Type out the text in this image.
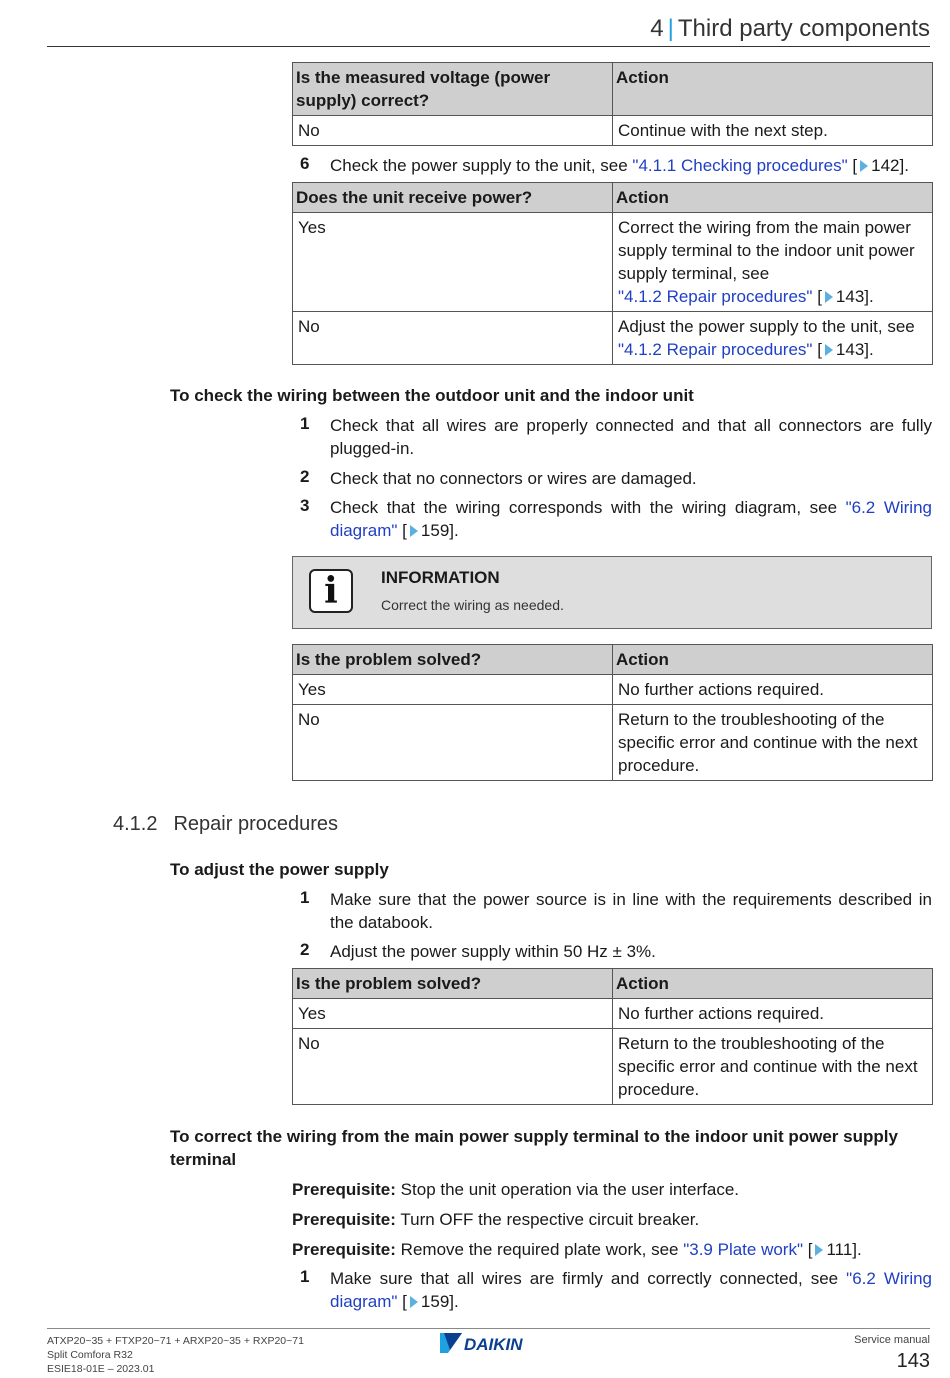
4 | Third party components
Is the measured voltage (power supply) correct?	Action
No	Continue with the next step.
6 Check the power supply to the unit, see "4.1.1 Checking procedures" [ 142].
Does the unit receive power?	Action
Yes	Correct the wiring from the main power supply terminal to the indoor unit power supply terminal, see
"4.1.2 Repair procedures" [ 143].
No	Adjust the power supply to the unit, see "4.1.2 Repair procedures" [ 143].
To check the wiring between the outdoor unit and the indoor unit
1 Check that all wires are properly connected and that all connectors are fully plugged-in.
2 Check that no connectors or wires are damaged.
3 Check that the wiring corresponds with the wiring diagram, see "6.2 Wiring diagram" [ 159].
i	INFORMATION
Correct the wiring as needed.
Is the problem solved?	Action
Yes	No further actions required.
No	Return to the troubleshooting of the specific error and continue with the next procedure.
4.1.2 Repair procedures
To adjust the power supply
1 Make sure that the power source is in line with the requirements described in the databook.
2 Adjust the power supply within 50 Hz ± 3%.
Is the problem solved?	Action
Yes	No further actions required.
No	Return to the troubleshooting of the specific error and continue with the next procedure.
To correct the wiring from the main power supply terminal to the indoor unit power supply terminal
Prerequisite: Stop the unit operation via the user interface.
Prerequisite: Turn OFF the respective circuit breaker.
Prerequisite: Remove the required plate work, see "3.9 Plate work" [ 111].
1 Make sure that all wires are firmly and correctly connected, see "6.2 Wiring diagram" [ 159].
ATXP20~35 + FTXP20~71 + ARXP20~35 + RXP20~71
Split Comfora R32
ESIE18-01E – 2023.01
DAIKIN	Service manual
143
